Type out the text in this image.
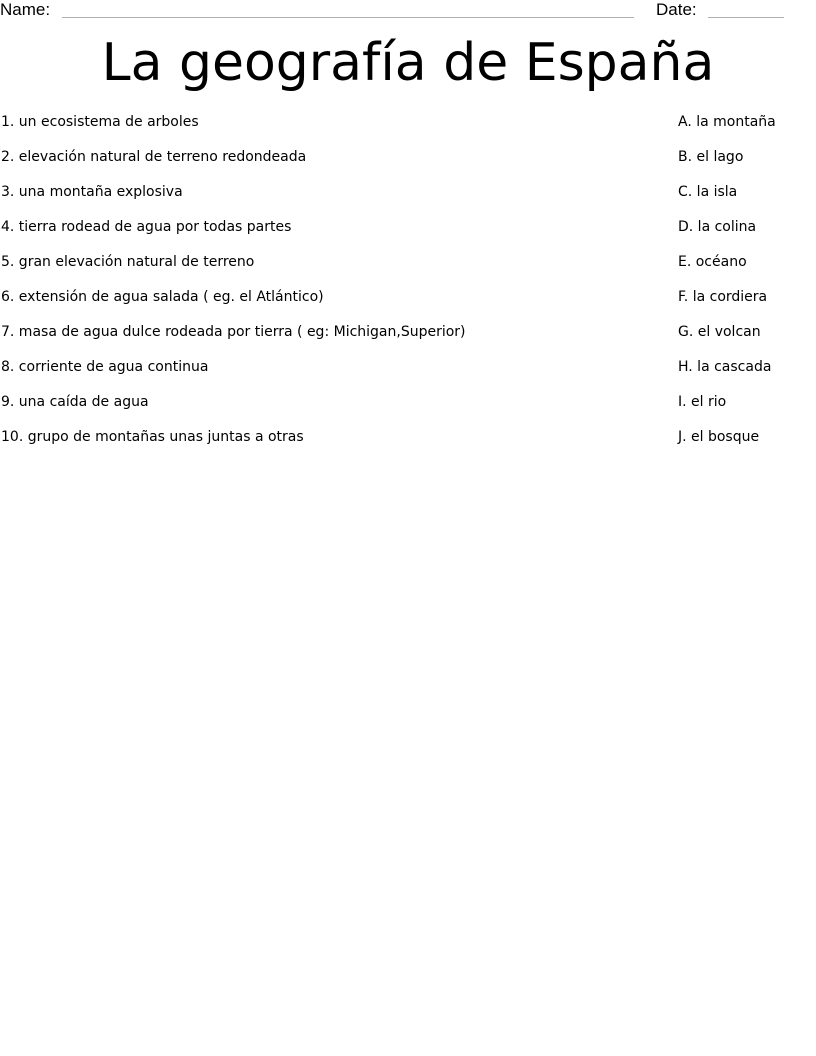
Name:	Date:
La geografía de España
1. un ecosistema de arboles
2. elevación natural de terreno redondeada
3. una montaña explosiva
4. tierra rodead de agua por todas partes
5. gran elevación natural de terreno
6. extensión de agua salada ( eg. el Atlántico)
7. masa de agua dulce rodeada por tierra ( eg: Michigan,Superior)
8. corriente de agua continua
9. una caída de agua
10. grupo de montañas unas juntas a otras
A. la montaña
B. el lago
C. la isla
D. la colina
E. océano
F. la cordiera
G. el volcan
H. la cascada
I. el rio
J. el bosque
